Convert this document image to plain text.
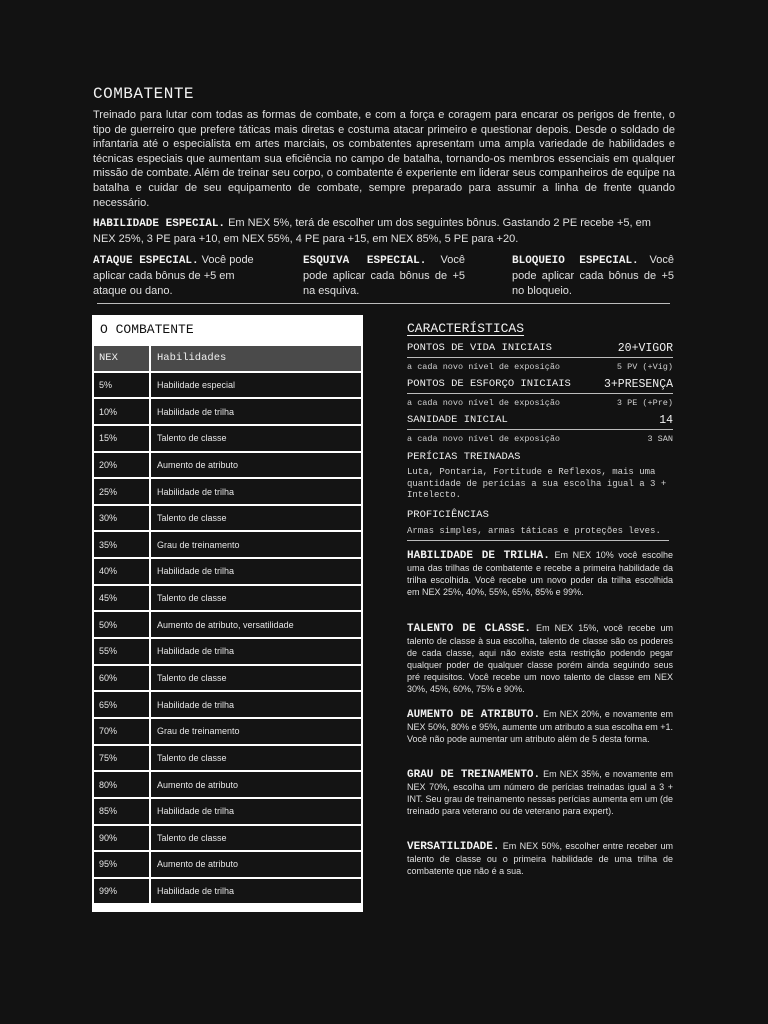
COMBATENTE

Treinado para lutar com todas as formas de combate, e com a força e coragem para encarar os perigos de frente, o tipo de guerreiro que prefere táticas mais diretas e costuma atacar primeiro e questionar depois. Desde o soldado de infantaria até o especialista em artes marciais, os combatentes apresentam uma ampla variedade de habilidades e técnicas especiais que aumentam sua eficiência no campo de batalha, tornando-os membros essenciais em qualquer missão de combate. Além de treinar seu corpo, o combatente é experiente em liderar seus companheiros de equipe na batalha e cuidar de seu equipamento de combate, sempre preparado para assumir a linha de frente quando necessário.

HABILIDADE ESPECIAL. Em NEX 5%, terá de escolher um dos seguintes bônus. Gastando 2 PE recebe +5, em NEX 25%, 3 PE para +10, em NEX 55%, 4 PE para +15, em NEX 85%, 5 PE para +20.

ATAQUE ESPECIAL. Você pode aplicar cada bônus de +5 em ataque ou dano.

ESQUIVA ESPECIAL. Você pode aplicar cada bônus de +5 na esquiva.

BLOQUEIO ESPECIAL. Você pode aplicar cada bônus de +5 no bloqueio.

O COMBATENTE
NEX	Habilidades
5%	Habilidade especial
10%	Habilidade de trilha
15%	Talento de classe
20%	Aumento de atributo
25%	Habilidade de trilha
30%	Talento de classe
35%	Grau de treinamento
40%	Habilidade de trilha
45%	Talento de classe
50%	Aumento de atributo, versatilidade
55%	Habilidade de trilha
60%	Talento de classe
65%	Habilidade de trilha
70%	Grau de treinamento
75%	Talento de classe
80%	Aumento de atributo
85%	Habilidade de trilha
90%	Talento de classe
95%	Aumento de atributo
99%	Habilidade de trilha
CARACTERÍSTICAS
PONTOS DE VIDA INICIAIS	20+VIGOR
a cada novo nível de exposição	5 PV (+Vig)
PONTOS DE ESFORÇO INICIAIS	3+PRESENÇA
a cada novo nível de exposição	3 PE (+Pre)
SANIDADE INICIAL	14
a cada novo nível de exposição	3 SAN
PERÍCIAS TREINADAS
Luta, Pontaria, Fortitude e Reflexos, mais uma quantidade de perícias a sua escolha igual a 3 + Intelecto.
PROFICIÊNCIAS
Armas simples, armas táticas e proteções leves.

HABILIDADE DE TRILHA. Em NEX 10% você escolhe uma das trilhas de combatente e recebe a primeira habilidade da trilha escolhida. Você recebe um novo poder da trilha escolhida em NEX 25%, 40%, 55%, 65%, 85% e 99%.

TALENTO DE CLASSE. Em NEX 15%, você recebe um talento de classe à sua escolha, talento de classe são os poderes de cada classe, aqui não existe esta restrição podendo pegar qualquer poder de qualquer classe porém ainda seguindo seus pré requisitos. Você recebe um novo talento de classe em NEX 30%, 45%, 60%, 75% e 90%.

AUMENTO DE ATRIBUTO. Em NEX 20%, e novamente em NEX 50%, 80% e 95%, aumente um atributo a sua escolha em +1. Você não pode aumentar um atributo além de 5 desta forma.

GRAU DE TREINAMENTO. Em NEX 35%, e novamente em NEX 70%, escolha um número de perícias treinadas igual a 3 + INT. Seu grau de treinamento nessas perícias aumenta em um (de treinado para veterano ou de veterano para expert).

VERSATILIDADE. Em NEX 50%, escolher entre receber um talento de classe ou o primeira habilidade de uma trilha de combatente que não é a sua.
